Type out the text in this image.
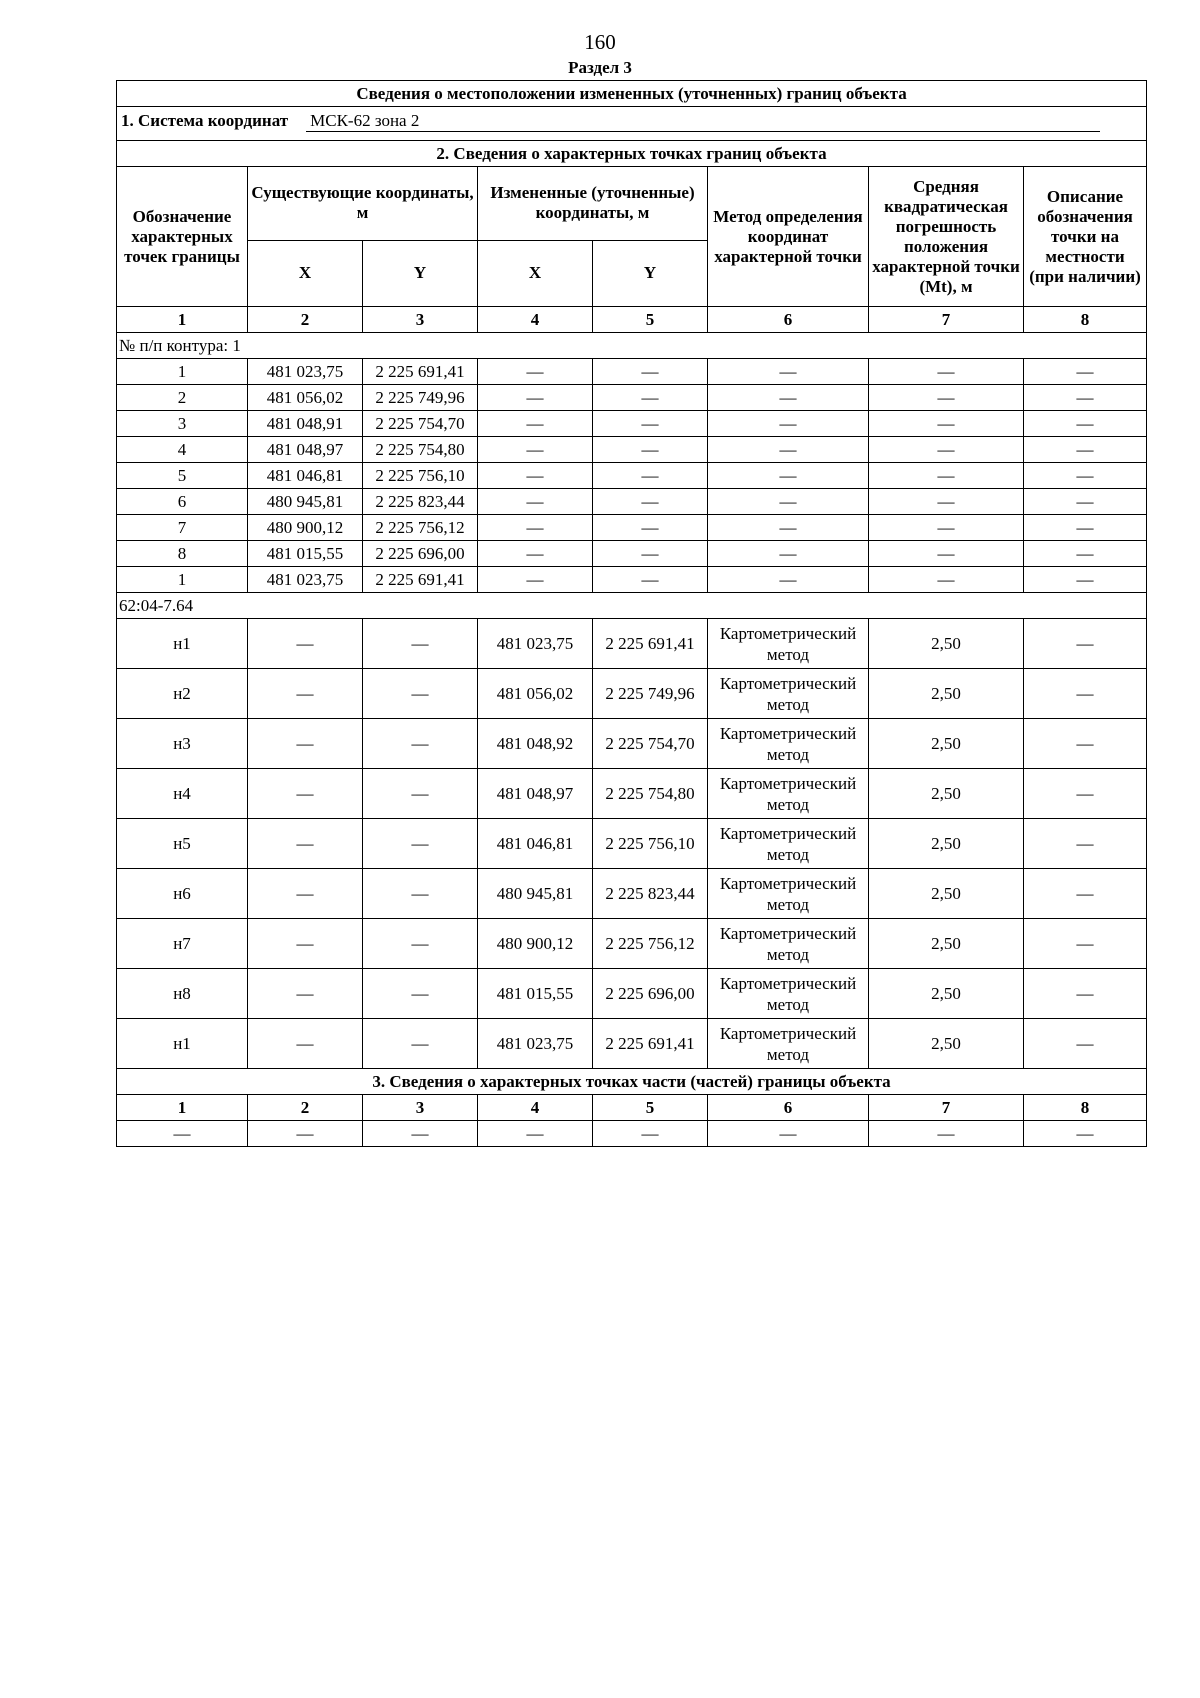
160
Раздел 3
Сведения о местоположении измененных (уточненных) границ объекта							
1. Система координат МСК-62 зона 2							
2. Сведения о характерных точках границ объекта							
Обозначение характерных точек границы	Существующие координаты, м		Измененные (уточненные) координаты, м		Метод определения координат характерной точки	Средняя квадратическая погрешность положения характерной точки (Mt), м	Описание обозначения точки на местности (при наличии)
	X	Y	X	Y			
1	2	3	4	5	6	7	8
№ п/п контура: 1							
1	481 023,75	2 225 691,41	—	—	—	—	—
2	481 056,02	2 225 749,96	—	—	—	—	—
3	481 048,91	2 225 754,70	—	—	—	—	—
4	481 048,97	2 225 754,80	—	—	—	—	—
5	481 046,81	2 225 756,10	—	—	—	—	—
6	480 945,81	2 225 823,44	—	—	—	—	—
7	480 900,12	2 225 756,12	—	—	—	—	—
8	481 015,55	2 225 696,00	—	—	—	—	—
1	481 023,75	2 225 691,41	—	—	—	—	—
62:04-7.64							
н1	—	—	481 023,75	2 225 691,41	Картометрический метод	2,50	—
н2	—	—	481 056,02	2 225 749,96	Картометрический метод	2,50	—
н3	—	—	481 048,92	2 225 754,70	Картометрический метод	2,50	—
н4	—	—	481 048,97	2 225 754,80	Картометрический метод	2,50	—
н5	—	—	481 046,81	2 225 756,10	Картометрический метод	2,50	—
н6	—	—	480 945,81	2 225 823,44	Картометрический метод	2,50	—
н7	—	—	480 900,12	2 225 756,12	Картометрический метод	2,50	—
н8	—	—	481 015,55	2 225 696,00	Картометрический метод	2,50	—
н1	—	—	481 023,75	2 225 691,41	Картометрический метод	2,50	—
3. Сведения о характерных точках части (частей) границы объекта							
1	2	3	4	5	6	7	8
—	—	—	—	—	—	—	—
